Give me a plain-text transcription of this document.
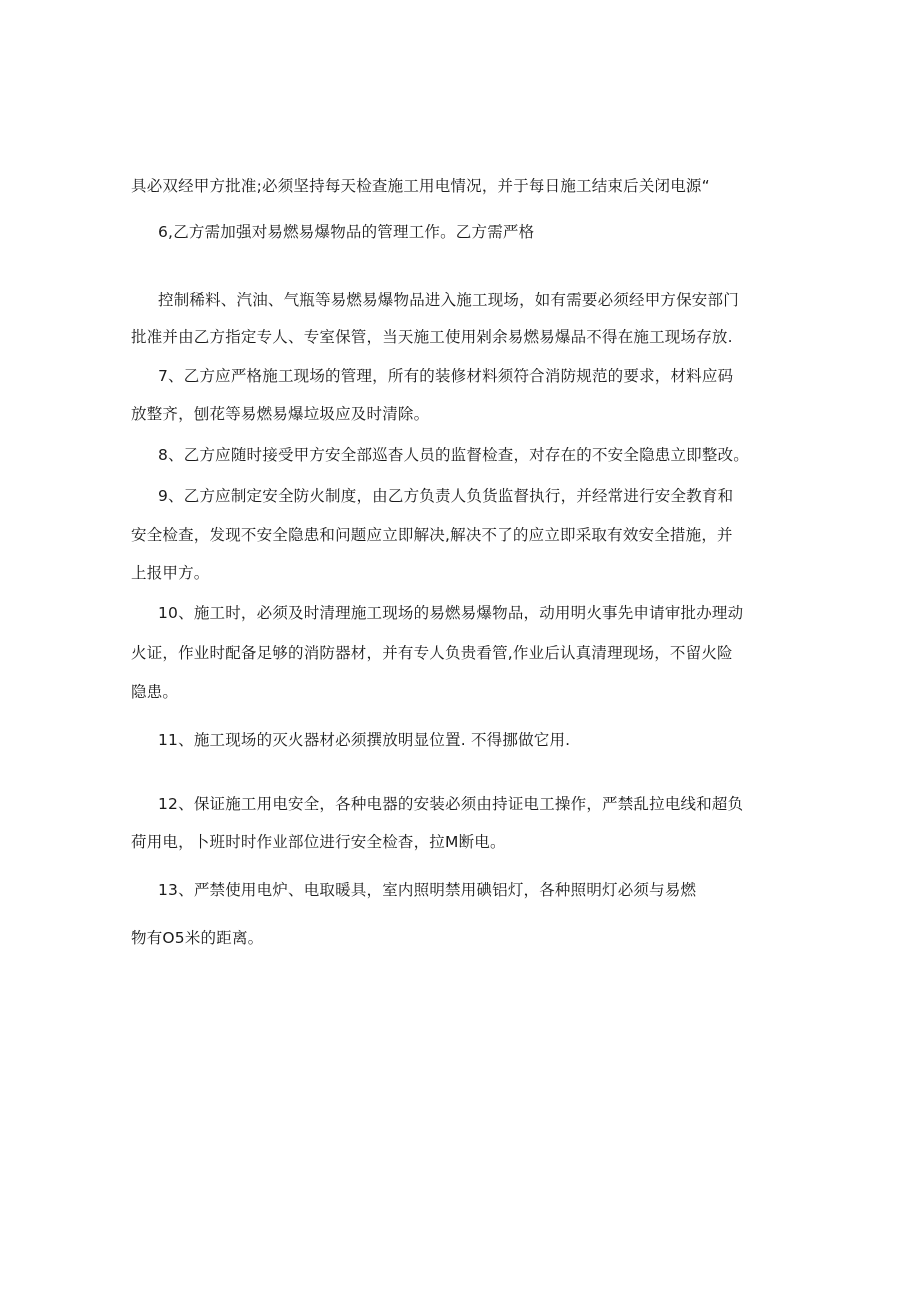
具必双经甲方批准;必须坚持每天检查施工用电情况，并于每日施工结束后关闭电源“

6,乙方需加强对易燃易爆物品的管理工作。乙方需严格

控制稀料、汽油、气瓶等易燃易爆物品进入施工现场，如有需要必须经甲方保安部门

批准并由乙方指定专人、专室保管，当天施工使用剁余易燃易爆品不得在施工现场存放.

7、乙方应严格施工现场的管理，所有的装修材料须符合消防规范的要求，材料应码

放整齐，刨花等易燃易爆垃圾应及时清除。

8、乙方应随时接受甲方安全部巡杳人员的监督检查，对存在的不安全隐患立即整改。

9、乙方应制定安全防火制度，由乙方负责人负货监督执行，并经常进行安全教育和

安全检查，发现不安全隐患和问题应立即解决,解决不了的应立即采取有效安全措施，并

上报甲方。

10、施工时，必须及时清理施工现场的易燃易爆物品，动用明火事先申请审批办理动

火证，作业时配备足够的消防器材，并有专人负贵看管,作业后认真清理现场，不留火险

隐患。

11、施工现场的灭火器材必须撰放明显位置. 不得挪做它用.

12、保证施工用电安全，各种电器的安装必须由持证电工操作，严禁乱拉电线和超负

荷用电，卜班时时作业部位进行安全检杳，拉M断电。

13、严禁使用电炉、电取暖具，室内照明禁用碘铝灯，各种照明灯必须与易燃

物有O5米的距离。
